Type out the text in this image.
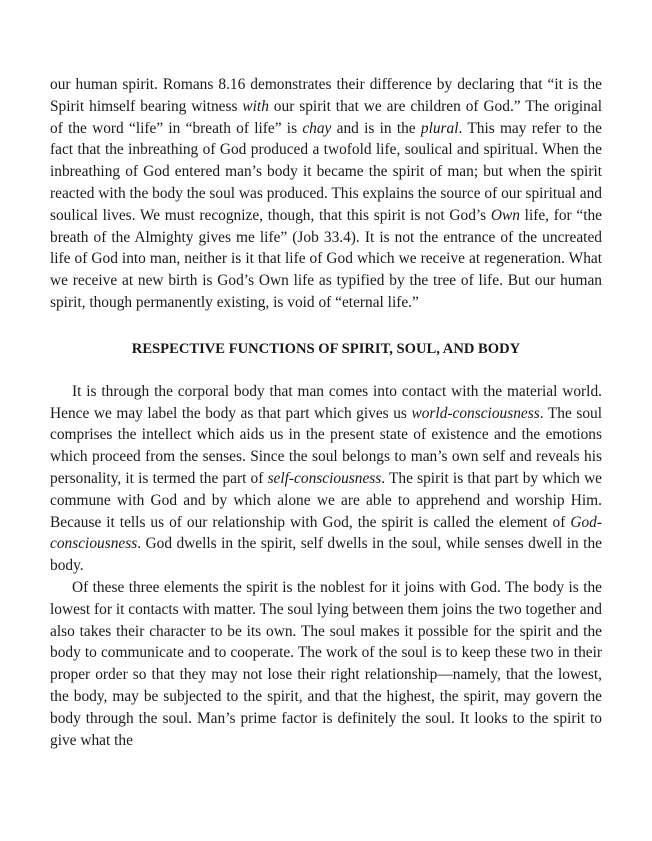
our human spirit. Romans 8.16 demonstrates their difference by declaring that “it is the Spirit himself bearing witness with our spirit that we are children of God.” The original of the word “life” in “breath of life” is chay and is in the plural. This may refer to the fact that the inbreathing of God produced a twofold life, soulical and spiritual. When the inbreathing of God entered man’s body it became the spirit of man; but when the spirit reacted with the body the soul was produced. This explains the source of our spiritual and soulical lives. We must recognize, though, that this spirit is not God’s Own life, for “the breath of the Almighty gives me life” (Job 33.4). It is not the entrance of the uncreated life of God into man, neither is it that life of God which we receive at regeneration. What we receive at new birth is God’s Own life as typified by the tree of life. But our human spirit, though permanently existing, is void of “eternal life.”

RESPECTIVE FUNCTIONS OF SPIRIT, SOUL, AND BODY

It is through the corporal body that man comes into contact with the material world. Hence we may label the body as that part which gives us world-consciousness. The soul comprises the intellect which aids us in the present state of existence and the emotions which proceed from the senses. Since the soul belongs to man’s own self and reveals his personality, it is termed the part of self-consciousness. The spirit is that part by which we commune with God and by which alone we are able to apprehend and worship Him. Because it tells us of our relationship with God, the spirit is called the element of God-consciousness. God dwells in the spirit, self dwells in the soul, while senses dwell in the body.

Of these three elements the spirit is the noblest for it joins with God. The body is the lowest for it contacts with matter. The soul lying between them joins the two together and also takes their character to be its own. The soul makes it possible for the spirit and the body to communicate and to cooperate. The work of the soul is to keep these two in their proper order so that they may not lose their right relationship—namely, that the lowest, the body, may be subjected to the spirit, and that the highest, the spirit, may govern the body through the soul. Man’s prime factor is definitely the soul. It looks to the spirit to give what the
